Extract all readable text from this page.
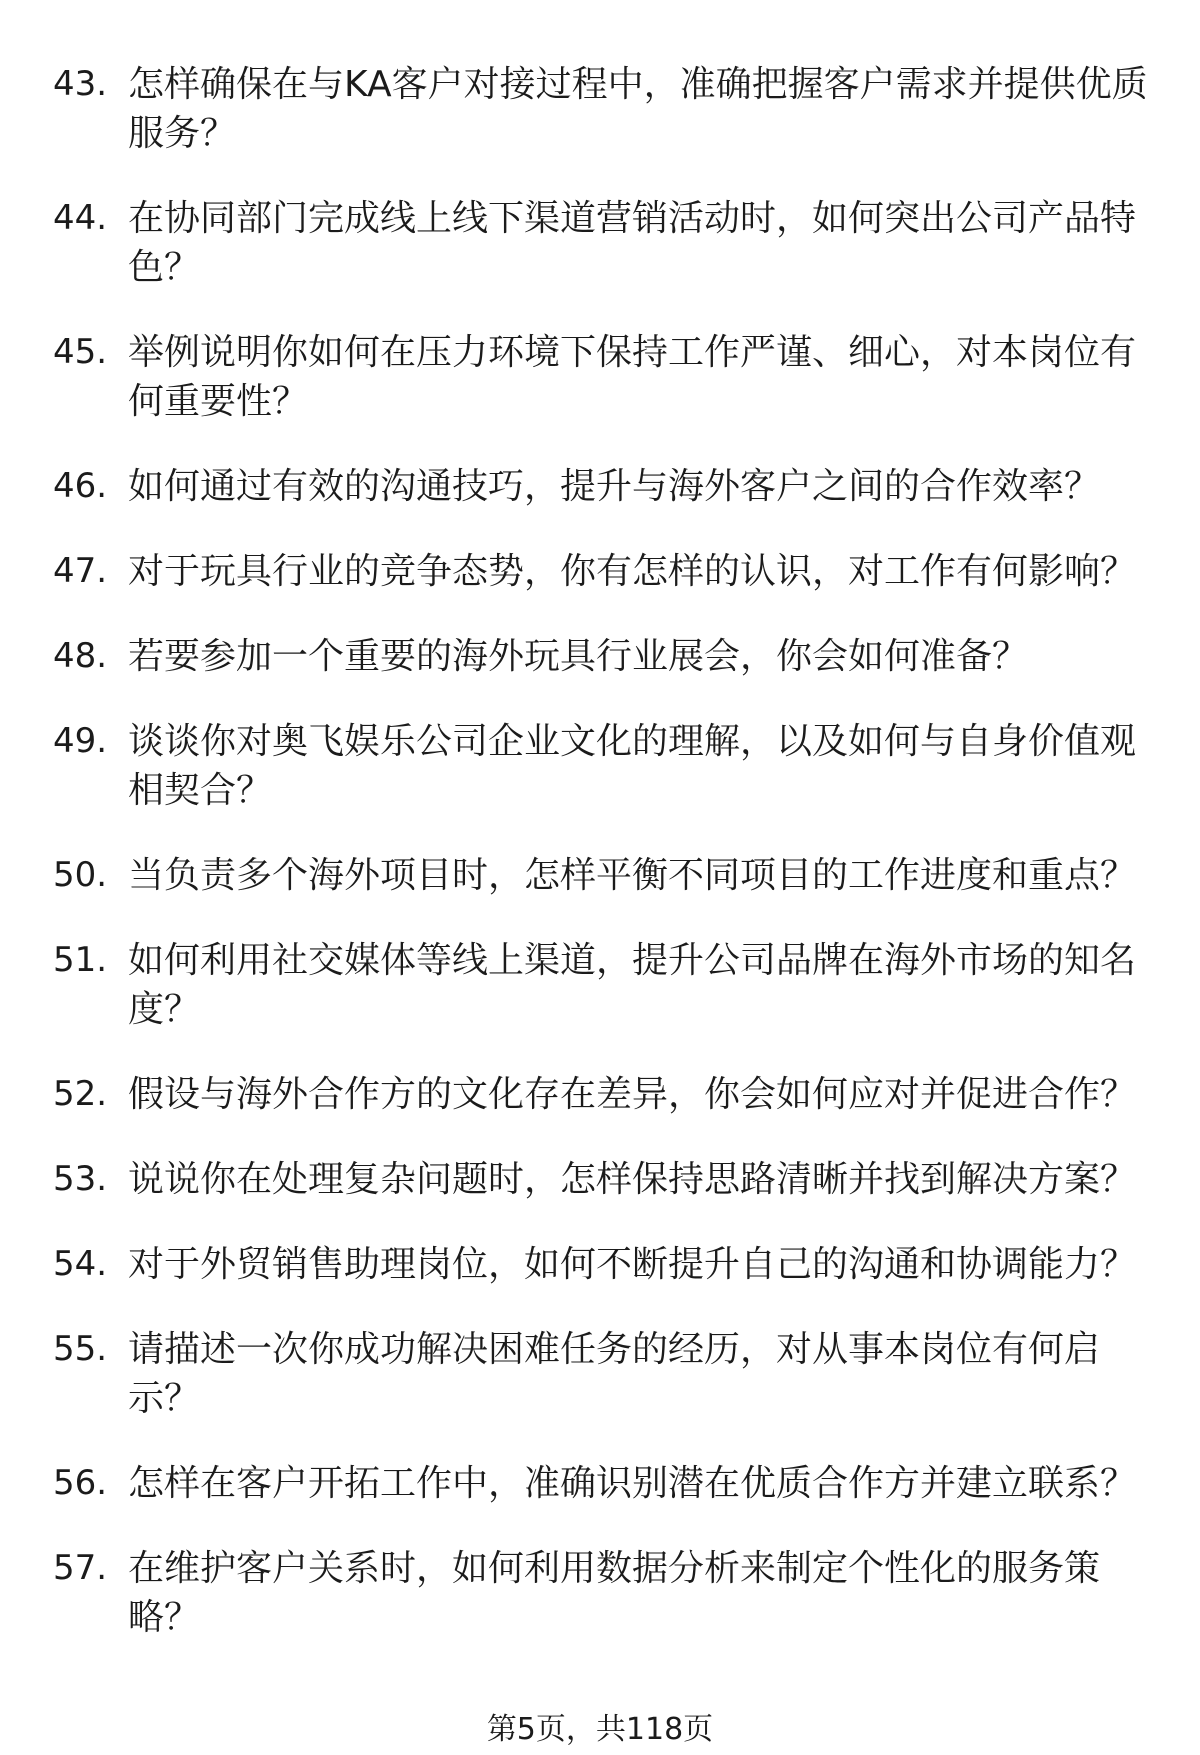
43. 怎样确保在与KA客户对接过程中，准确把握客户需求并提供优质
服务？
44. 在协同部门完成线上线下渠道营销活动时，如何突出公司产品特
色？
45. 举例说明你如何在压力环境下保持工作严谨、细心，对本岗位有
何重要性？
46. 如何通过有效的沟通技巧，提升与海外客户之间的合作效率？
47. 对于玩具行业的竞争态势，你有怎样的认识，对工作有何影响？
48. 若要参加一个重要的海外玩具行业展会，你会如何准备？
49. 谈谈你对奥飞娱乐公司企业文化的理解，以及如何与自身价值观
相契合？
50. 当负责多个海外项目时，怎样平衡不同项目的工作进度和重点？
51. 如何利用社交媒体等线上渠道，提升公司品牌在海外市场的知名
度？
52. 假设与海外合作方的文化存在差异，你会如何应对并促进合作？
53. 说说你在处理复杂问题时，怎样保持思路清晰并找到解决方案？
54. 对于外贸销售助理岗位，如何不断提升自己的沟通和协调能力？
55. 请描述一次你成功解决困难任务的经历，对从事本岗位有何启
示？
56. 怎样在客户开拓工作中，准确识别潜在优质合作方并建立联系？
57. 在维护客户关系时，如何利用数据分析来制定个性化的服务策
略？
第5页，共118页
